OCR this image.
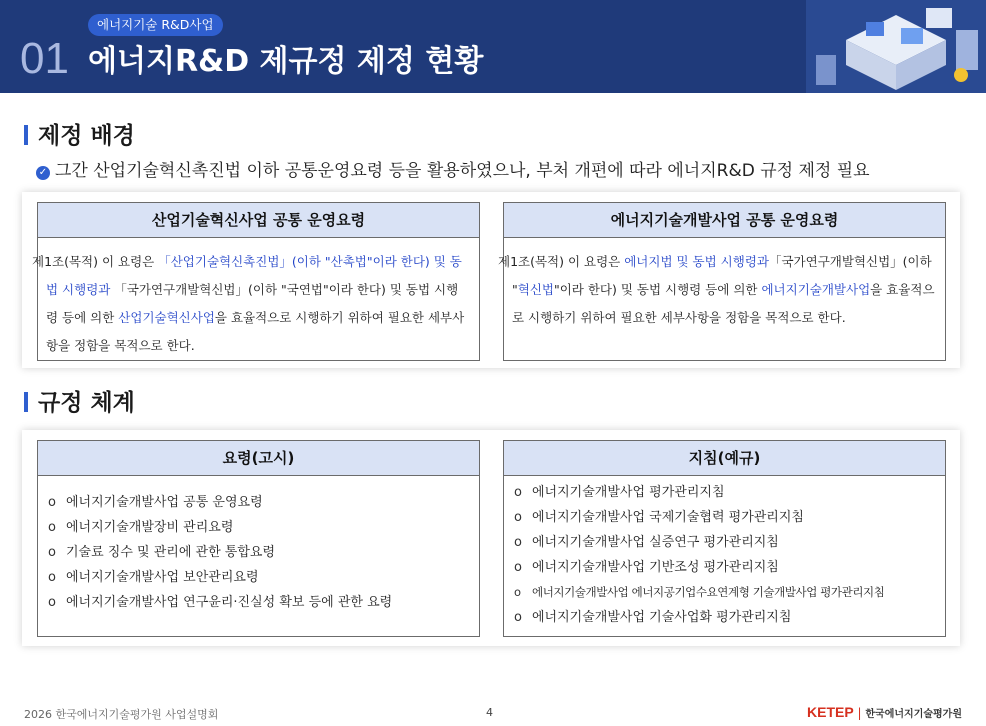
에너지기술 R&D사업
01 에너지R&D 제규정 제정 현황
제정 배경
✓ 그간 산업기술혁신촉진법 이하 공통운영요령 등을 활용하였으나, 부처 개편에 따라 에너지R&D 규정 제정 필요
산업기술혁신사업 공통 운영요령
제1조(목적) 이 요령은 「산업기술혁신촉진법」(이하 "산촉법"이라 한다) 및 동법 시행령과 「국가연구개발혁신법」(이하 "국연법"이라 한다) 및 동법 시행령 등에 의한 산업기술혁신사업을 효율적으로 시행하기 위하여 필요한 세부사항을 정함을 목적으로 한다.
에너지기술개발사업 공통 운영요령
제1조(목적) 이 요령은 에너지법 및 동법 시행령과「국가연구개발혁신법」(이하 "혁신법"이라 한다) 및 동법 시행령 등에 의한 에너지기술개발사업을 효율적으로 시행하기 위하여 필요한 세부사항을 정함을 목적으로 한다.
규정 체계
요령(고시)
o 에너지기술개발사업 공통 운영요령
o 에너지기술개발장비 관리요령
o 기술료 징수 및 관리에 관한 통합요령
o 에너지기술개발사업 보안관리요령
o 에너지기술개발사업 연구윤리·진실성 확보 등에 관한 요령
지침(예규)
o 에너지기술개발사업 평가관리지침
o 에너지기술개발사업 국제기술협력 평가관리지침
o 에너지기술개발사업 실증연구 평가관리지침
o 에너지기술개발사업 기반조성 평가관리지침
o 에너지기술개발사업 에너지공기업수요연계형 기술개발사업 평가관리지침
o 에너지기술개발사업 기술사업화 평가관리지침
2026 한국에너지기술평가원 사업설명회	4	KETEP | 한국에너지기술평가원
